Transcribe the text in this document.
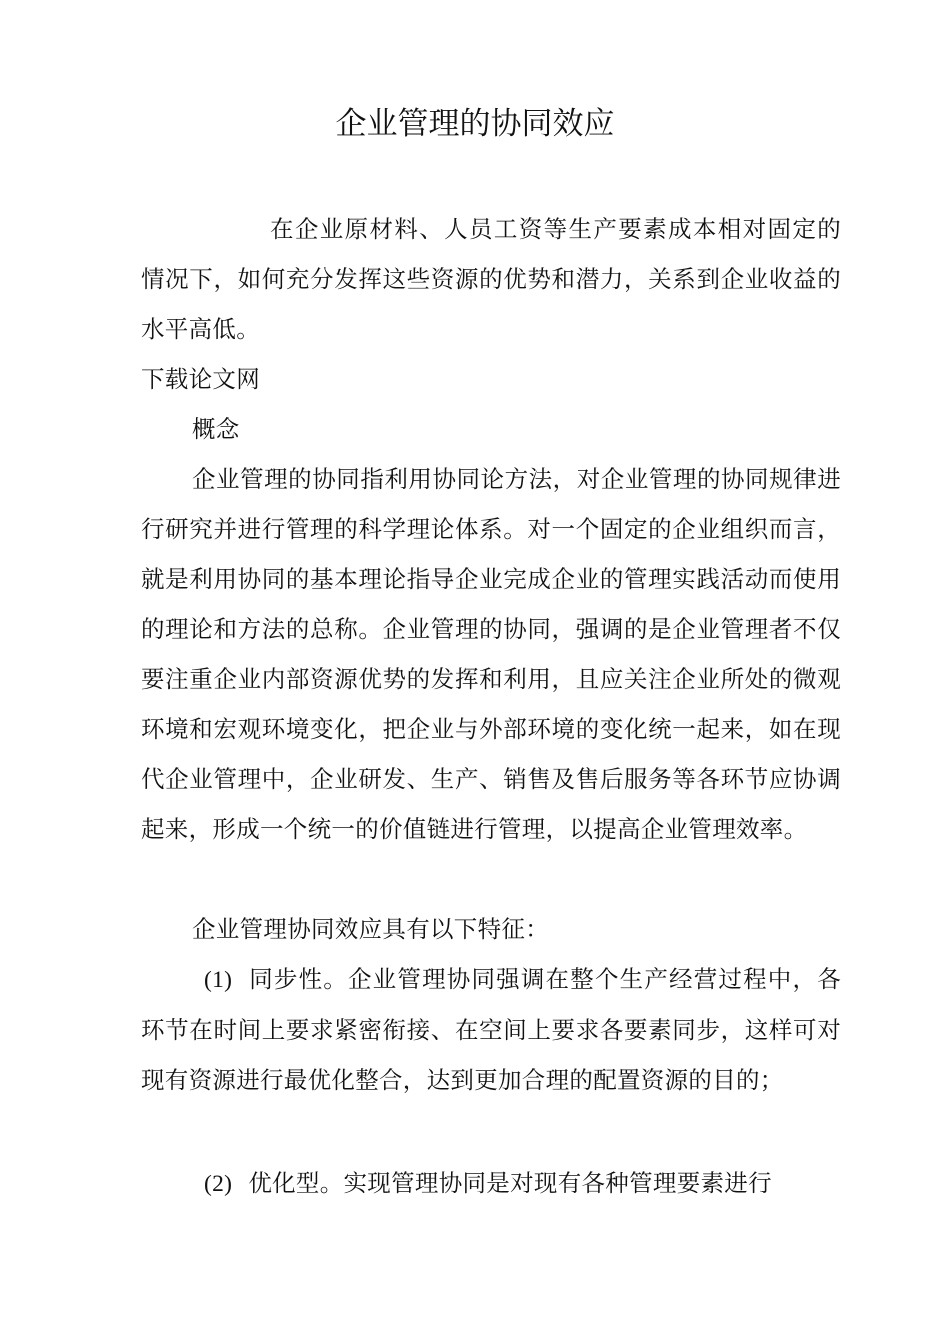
企业管理的协同效应

在企业原材料、人员工资等生产要素成本相对固定的情况下，如何充分发挥这些资源的优势和潜力，关系到企业收益的水平高低。

下载论文网

概念

企业管理的协同指利用协同论方法，对企业管理的协同规律进行研究并进行管理的科学理论体系。对一个固定的企业组织而言，就是利用协同的基本理论指导企业完成企业的管理实践活动而使用的理论和方法的总称。企业管理的协同，强调的是企业管理者不仅要注重企业内部资源优势的发挥和利用，且应关注企业所处的微观环境和宏观环境变化，把企业与外部环境的变化统一起来，如在现代企业管理中，企业研发、生产、销售及售后服务等各环节应协调起来，形成一个统一的价值链进行管理，以提高企业管理效率。

企业管理协同效应具有以下特征：

(1) 同步性。企业管理协同强调在整个生产经营过程中，各环节在时间上要求紧密衔接、在空间上要求各要素同步，这样可对现有资源进行最优化整合，达到更加合理的配置资源的目的；

(2) 优化型。实现管理协同是对现有各种管理要素进行
